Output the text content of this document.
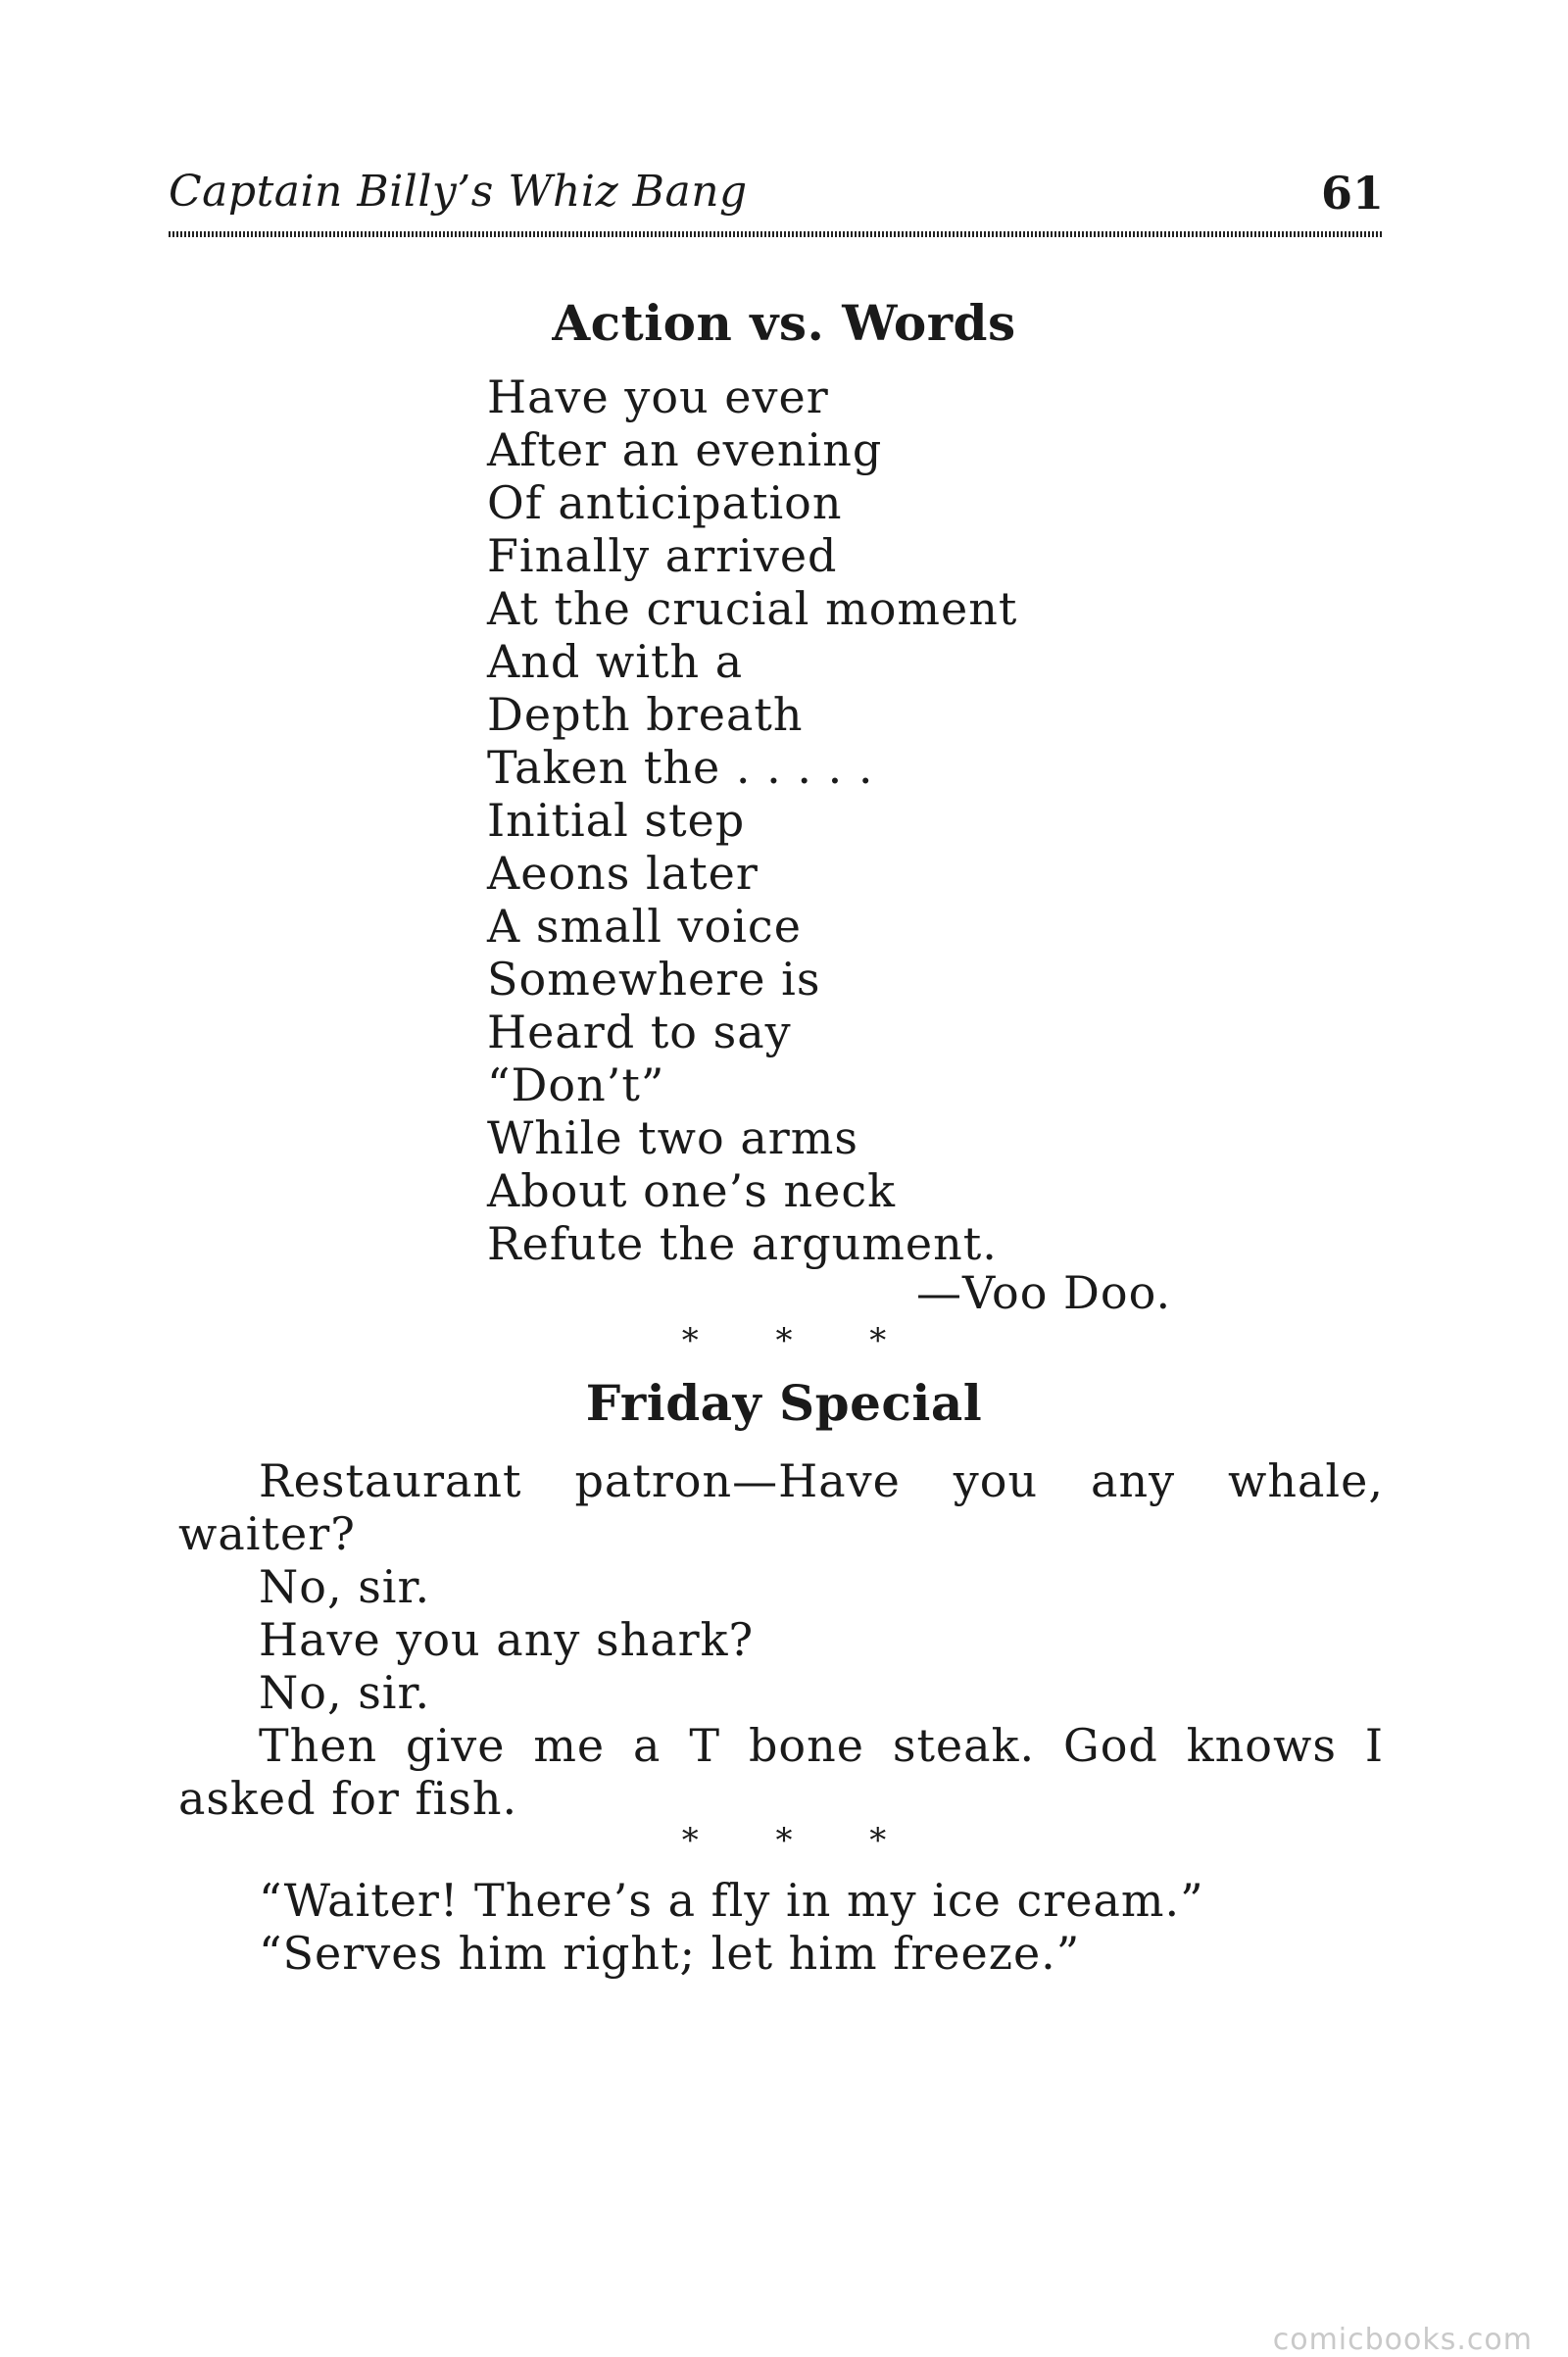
Captain Billy’s Whiz Bang	61
Action vs. Words
Have you ever
After an evening
Of anticipation
Finally arrived
At the crucial moment
And with a
Depth breath
Taken the . . . . .
Initial step
Aeons later
A small voice
Somewhere is
Heard to say
“Don’t”
While two arms
About one’s neck
Refute the argument.
—Voo Doo.
* * *
Friday Special

Restaurant patron—Have you any whale, waiter?

No, sir.

Have you any shark?

No, sir.

Then give me a T bone steak. God knows I asked for fish.

* * *

“Waiter! There’s a fly in my ice cream.”

“Serves him right; let him freeze.”

comicbooks.com
